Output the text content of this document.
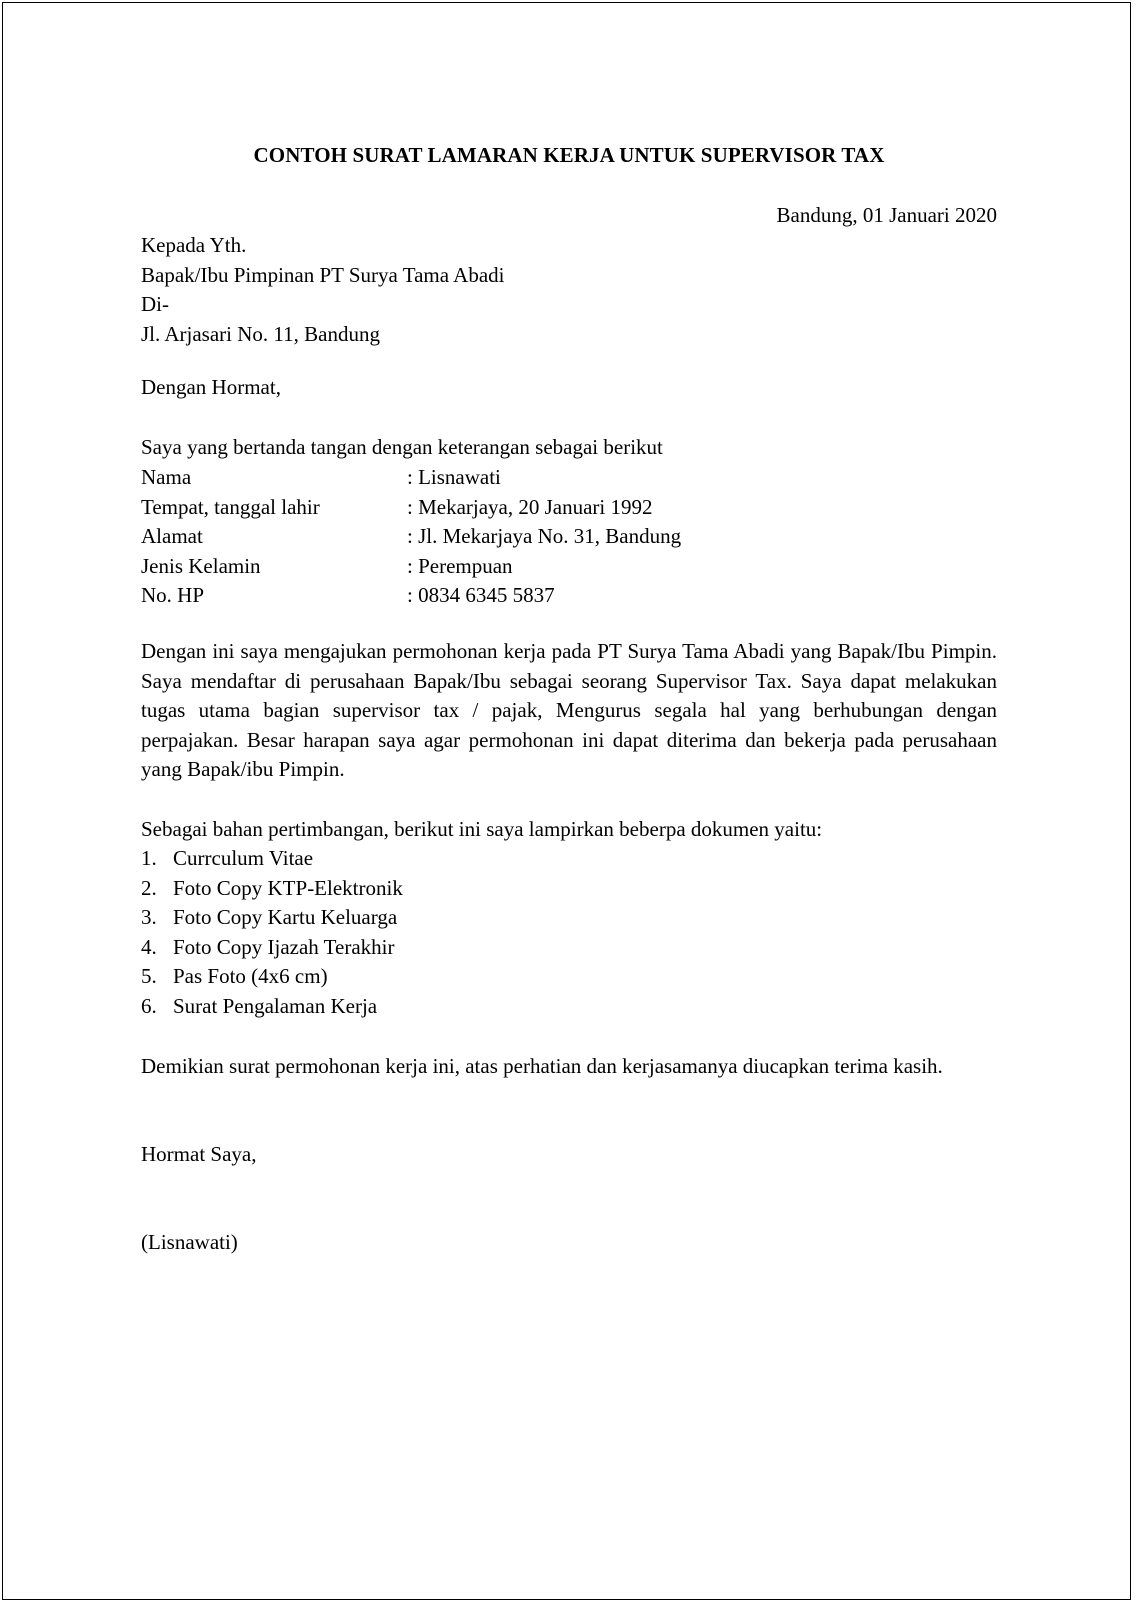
CONTOH SURAT LAMARAN KERJA UNTUK SUPERVISOR TAX
Bandung, 01 Januari 2020
Kepada Yth.
Bapak/Ibu Pimpinan PT Surya Tama Abadi
Di-
Jl. Arjasari No. 11, Bandung
Dengan Hormat,
Saya yang bertanda tangan dengan keterangan sebagai berikut
Nama	: Lisnawati
Tempat, tanggal lahir	: Mekarjaya, 20 Januari 1992
Alamat	: Jl. Mekarjaya No. 31, Bandung
Jenis Kelamin	: Perempuan
No. HP	: 0834 6345 5837
Dengan ini saya mengajukan permohonan kerja pada PT Surya Tama Abadi yang Bapak/Ibu Pimpin. Saya mendaftar di perusahaan Bapak/Ibu sebagai seorang Supervisor Tax. Saya dapat melakukan tugas utama bagian supervisor tax / pajak, Mengurus segala hal yang berhubungan dengan perpajakan. Besar harapan saya agar permohonan ini dapat diterima dan bekerja pada perusahaan yang Bapak/ibu Pimpin.
Sebagai bahan pertimbangan, berikut ini saya lampirkan beberpa dokumen yaitu:
1. Currculum Vitae
2. Foto Copy KTP-Elektronik
3. Foto Copy Kartu Keluarga
4. Foto Copy Ijazah Terakhir
5. Pas Foto (4x6 cm)
6. Surat Pengalaman Kerja
Demikian surat permohonan kerja ini, atas perhatian dan kerjasamanya diucapkan terima kasih.
Hormat Saya,
(Lisnawati)
